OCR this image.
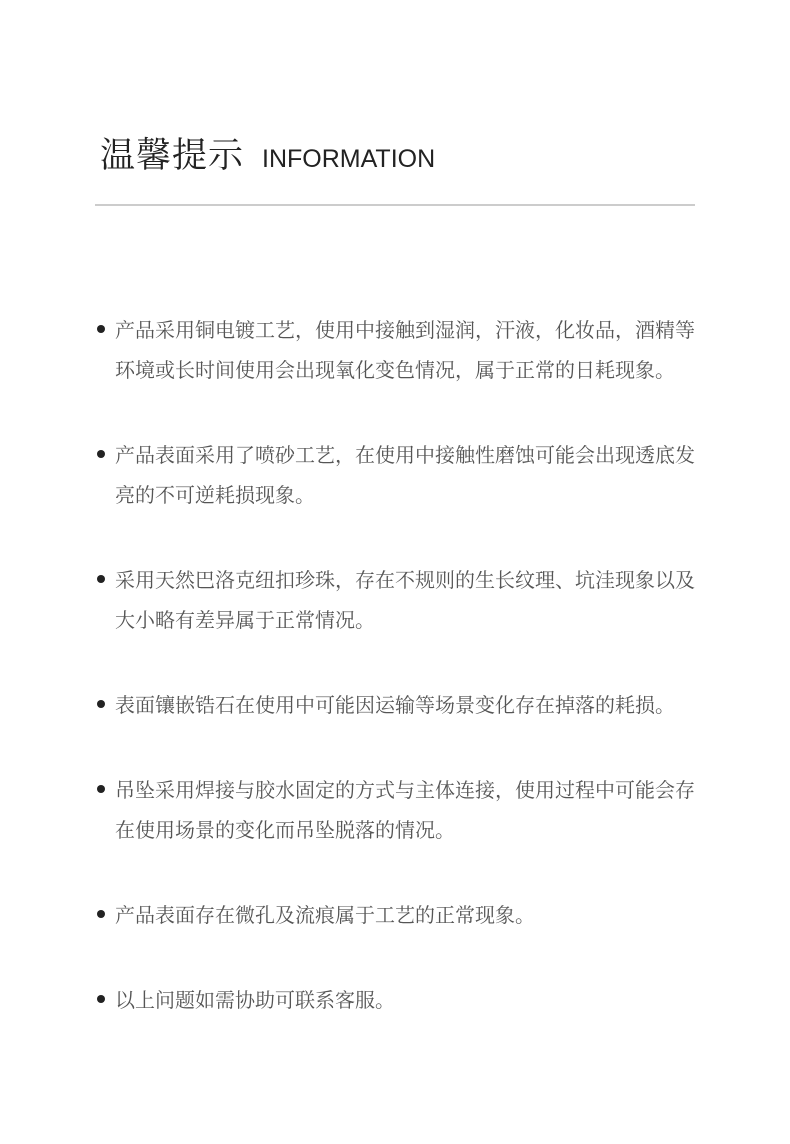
温馨提示 INFORMATION
产品采用铜电镀工艺，使用中接触到湿润，汗液，化妆品，酒精等环境或长时间使用会出现氧化变色情况，属于正常的日耗现象。
产品表面采用了喷砂工艺，在使用中接触性磨蚀可能会出现透底发亮的不可逆耗损现象。
采用天然巴洛克纽扣珍珠，存在不规则的生长纹理、坑洼现象以及大小略有差异属于正常情况。
表面镶嵌锆石在使用中可能因运输等场景变化存在掉落的耗损。
吊坠采用焊接与胶水固定的方式与主体连接，使用过程中可能会存在使用场景的变化而吊坠脱落的情况。
产品表面存在微孔及流痕属于工艺的正常现象。
以上问题如需协助可联系客服。
